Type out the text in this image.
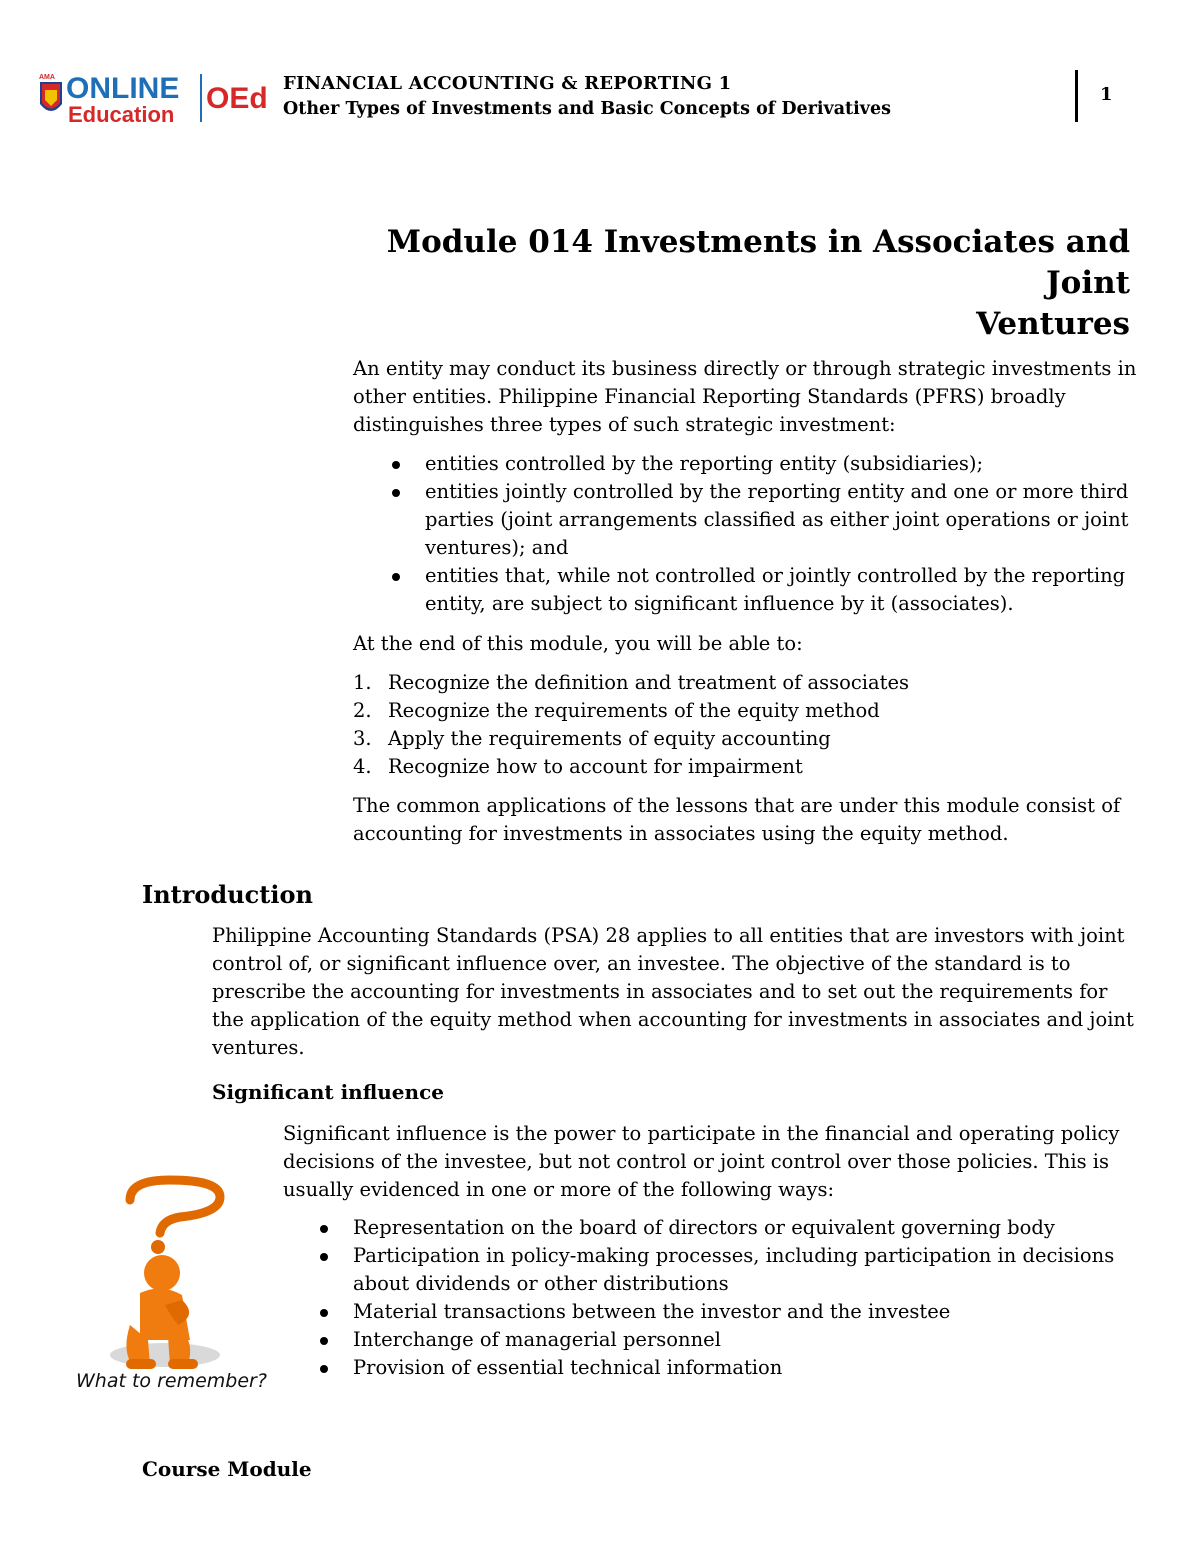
AMA ONLINE
Education OEd FINANCIAL ACCOUNTING & REPORTING 1
Other Types of Investments and Basic Concepts of Derivatives
1
Module 014 Investments in Associates and Joint
Ventures
An entity may conduct its business directly or through strategic investments in other entities. Philippine Financial Reporting Standards (PFRS) broadly distinguishes three types of such strategic investment:
entities controlled by the reporting entity (subsidiaries);
entities jointly controlled by the reporting entity and one or more third parties (joint arrangements classified as either joint operations or joint ventures); and
entities that, while not controlled or jointly controlled by the reporting entity, are subject to significant influence by it (associates).
At the end of this module, you will be able to:
1. Recognize the definition and treatment of associates
2. Recognize the requirements of the equity method
3. Apply the requirements of equity accounting
4. Recognize how to account for impairment
The common applications of the lessons that are under this module consist of accounting for investments in associates using the equity method.
Introduction
Philippine Accounting Standards (PSA) 28 applies to all entities that are investors with joint control of, or significant influence over, an investee. The objective of the standard is to prescribe the accounting for investments in associates and to set out the requirements for the application of the equity method when accounting for investments in associates and joint ventures.
Significant influence
Significant influence is the power to participate in the financial and operating policy decisions of the investee, but not control or joint control over those policies. This is usually evidenced in one or more of the following ways:
Representation on the board of directors or equivalent governing body
Participation in policy-making processes, including participation in decisions about dividends or other distributions
Material transactions between the investor and the investee
Interchange of managerial personnel
Provision of essential technical information
What to remember?
Course Module
